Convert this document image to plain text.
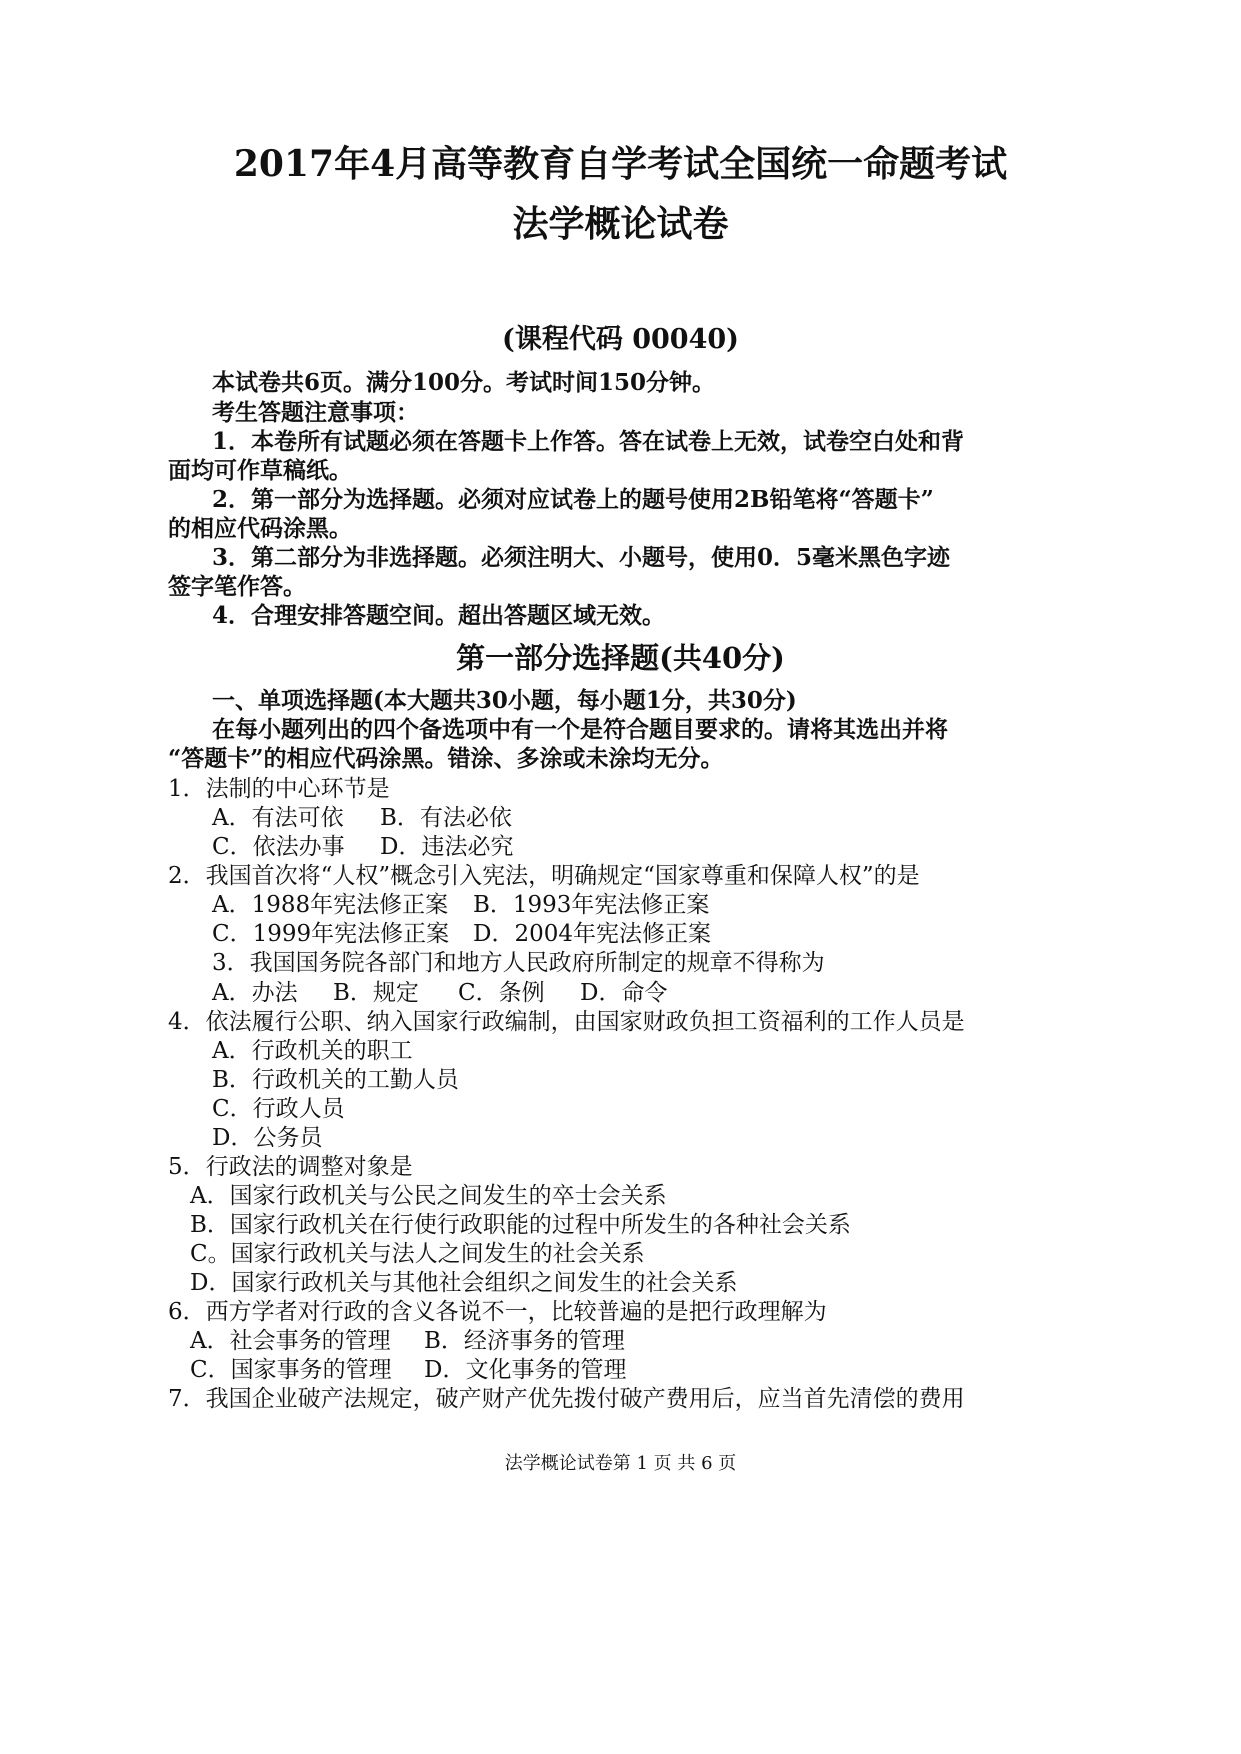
2017年4月高等教育自学考试全国统一命题考试
法学概论试卷
(课程代码 00040)
本试卷共6页。满分100分。考试时间150分钟。
考生答题注意事项：
1．本卷所有试题必须在答题卡上作答。答在试卷上无效，试卷空白处和背
面均可作草稿纸。
2．第一部分为选择题。必须对应试卷上的题号使用2B铅笔将“答题卡”
的相应代码涂黑。
3．第二部分为非选择题。必须注明大、小题号，使用0．5毫米黑色字迹
签字笔作答。
4．合理安排答题空间。超出答题区域无效。
第一部分选择题(共40分)
一、单项选择题(本大题共30小题，每小题1分，共30分)
在每小题列出的四个备选项中有一个是符合题目要求的。请将其选出并将
“答题卡”的相应代码涂黑。错涂、多涂或未涂均无分。
1．法制的中心环节是
A．有法可依 B．有法必依
C．依法办事 D．违法必究
2．我国首次将“人权”概念引入宪法，明确规定“国家尊重和保障人权”的是
A．1988年宪法修正案 B．1993年宪法修正案
C．1999年宪法修正案 D．2004年宪法修正案
3．我国国务院各部门和地方人民政府所制定的规章不得称为
A．办法 B．规定 C．条例 D．命令
4．依法履行公职、纳入国家行政编制，由国家财政负担工资福利的工作人员是
A．行政机关的职工
B．行政机关的工勤人员
C．行政人员
D．公务员
5．行政法的调整对象是
A．国家行政机关与公民之间发生的卒士会关系
B．国家行政机关在行使行政职能的过程中所发生的各种社会关系
C。国家行政机关与法人之间发生的社会关系
D．国家行政机关与其他社会组织之间发生的社会关系
6．西方学者对行政的含义各说不一，比较普遍的是把行政理解为
A．社会事务的管理 B．经济事务的管理
C．国家事务的管理 D．文化事务的管理
7．我国企业破产法规定，破产财产优先拨付破产费用后，应当首先清偿的费用
法学概论试卷第 1 页 共 6 页
